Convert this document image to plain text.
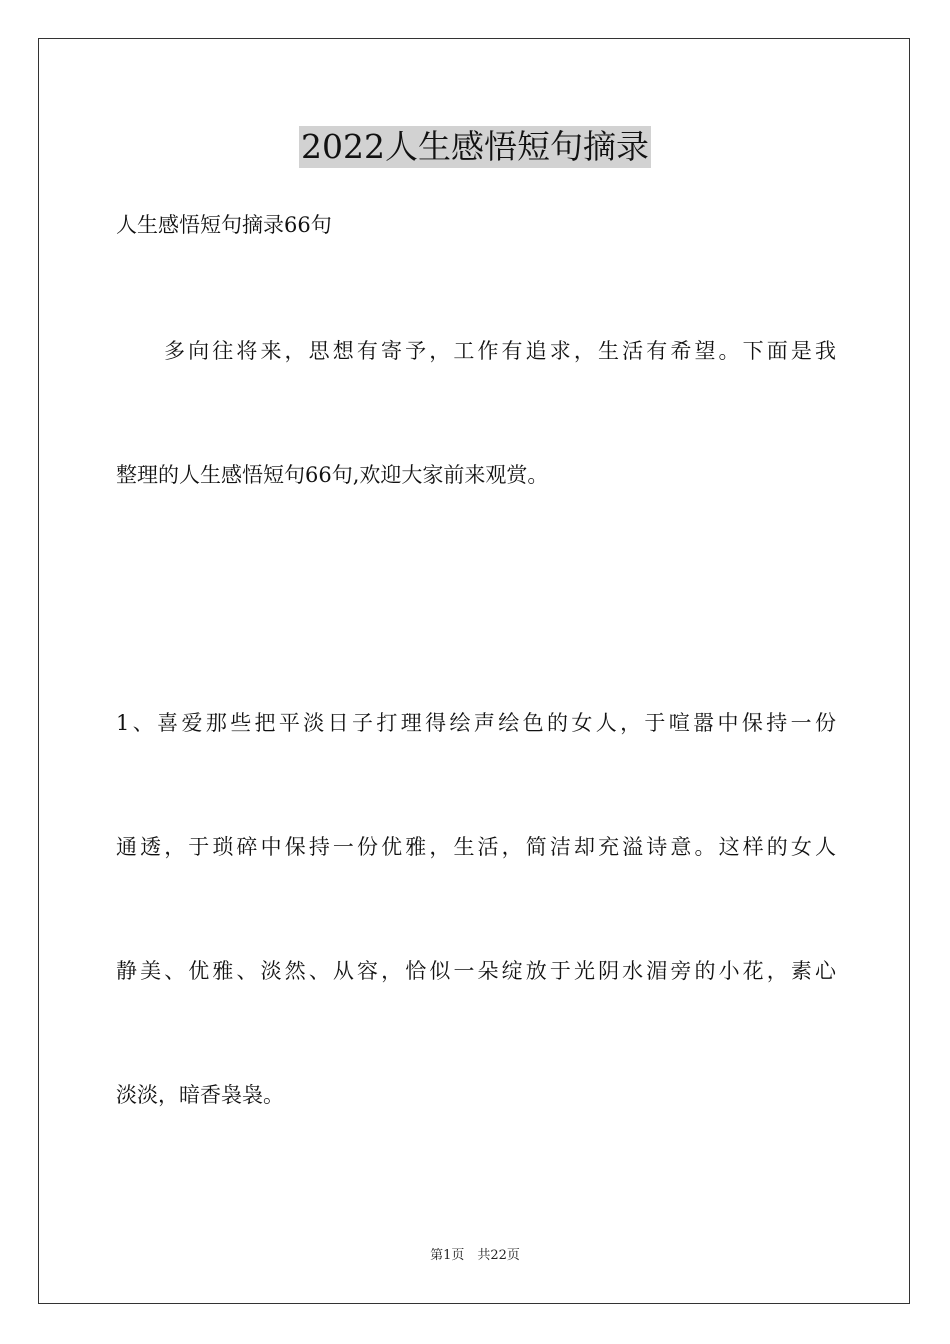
2022人生感悟短句摘录
人生感悟短句摘录66句
多向往将来，思想有寄予，工作有追求，生活有希望。下面是我
整理的人生感悟短句66句,欢迎大家前来观赏。
1、喜爱那些把平淡日子打理得绘声绘色的女人，于喧嚣中保持一份
通透，于琐碎中保持一份优雅，生活，简洁却充溢诗意。这样的女人
静美、优雅、淡然、从容，恰似一朵绽放于光阴水湄旁的小花，素心
淡淡，暗香袅袅。
第1页　共22页
